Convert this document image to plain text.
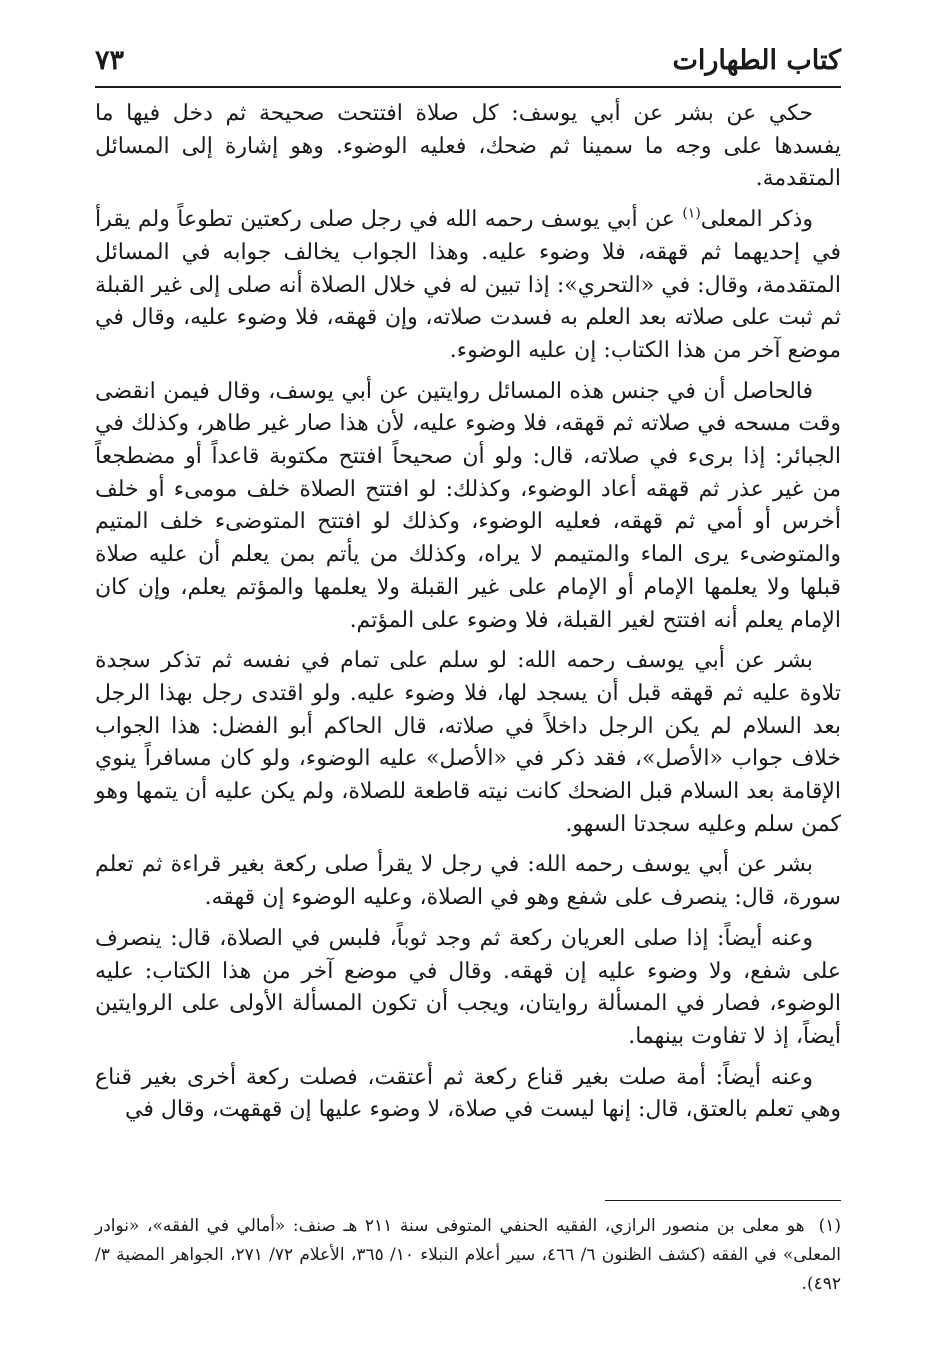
كتاب الطهارات
٧٣

حكي عن بشر عن أبي يوسف: كل صلاة افتتحت صحيحة ثم دخل فيها ما يفسدها على وجه ما سمينا ثم ضحك، فعليه الوضوء. وهو إشارة إلى المسائل المتقدمة.

وذكر المعلى$^{(١)}$ عن أبي يوسف رحمه الله في رجل صلى ركعتين تطوعاً ولم يقرأ في إحديهما ثم قهقه، فلا وضوء عليه. وهذا الجواب يخالف جوابه في المسائل المتقدمة، وقال: في «التحري»: إذا تبين له في خلال الصلاة أنه صلى إلى غير القبلة ثم ثبت على صلاته بعد العلم به فسدت صلاته، وإن قهقه، فلا وضوء عليه، وقال في موضع آخر من هذا الكتاب: إن عليه الوضوء.

فالحاصل أن في جنس هذه المسائل روايتين عن أبي يوسف، وقال فيمن انقضى وقت مسحه في صلاته ثم قهقه، فلا وضوء عليه، لأن هذا صار غير طاهر، وكذلك في الجبائر: إذا برىء في صلاته، قال: ولو أن صحيحاً افتتح مكتوبة قاعداً أو مضطجعاً من غير عذر ثم قهقه أعاد الوضوء، وكذلك: لو افتتح الصلاة خلف مومىء أو خلف أخرس أو أمي ثم قهقه، فعليه الوضوء، وكذلك لو افتتح المتوضىء خلف المتيم والمتوضىء يرى الماء والمتيمم لا يراه، وكذلك من يأتم بمن يعلم أن عليه صلاة قبلها ولا يعلمها الإمام أو الإمام على غير القبلة ولا يعلمها والمؤتم يعلم، وإن كان الإمام يعلم أنه افتتح لغير القبلة، فلا وضوء على المؤتم.

بشر عن أبي يوسف رحمه الله: لو سلم على تمام في نفسه ثم تذكر سجدة تلاوة عليه ثم قهقه قبل أن يسجد لها، فلا وضوء عليه. ولو اقتدى رجل بهذا الرجل بعد السلام لم يكن الرجل داخلاً في صلاته، قال الحاكم أبو الفضل: هذا الجواب خلاف جواب «الأصل»، فقد ذكر في «الأصل» عليه الوضوء، ولو كان مسافراً ينوي الإقامة بعد السلام قبل الضحك كانت نيته قاطعة للصلاة، ولم يكن عليه أن يتمها وهو كمن سلم وعليه سجدتا السهو.

بشر عن أبي يوسف رحمه الله: في رجل لا يقرأ صلى ركعة بغير قراءة ثم تعلم سورة، قال: ينصرف على شفع وهو في الصلاة، وعليه الوضوء إن قهقه.

وعنه أيضاً: إذا صلى العريان ركعة ثم وجد ثوباً، فلبس في الصلاة، قال: ينصرف على شفع، ولا وضوء عليه إن قهقه. وقال في موضع آخر من هذا الكتاب: عليه الوضوء، فصار في المسألة روايتان، ويجب أن تكون المسألة الأولى على الروايتين أيضاً، إذ لا تفاوت بينهما.

وعنه أيضاً: أمة صلت بغير قناع ركعة ثم أعتقت، فصلت ركعة أخرى بغير قناع وهي تعلم بالعتق، قال: إنها ليست في صلاة، لا وضوء عليها إن قهقهت، وقال في

(١)هو معلى بن منصور الرازي، الفقيه الحنفي المتوفى سنة ٢١١ هـ صنف: «أمالي في الفقه»، «نوادر المعلى» في الفقه (كشف الظنون ٦/ ٤٦٦، سير أعلام النبلاء ١٠/ ٣٦٥، الأعلام ٧٢/ ٢٧١، الجواهر المضية ٣/ ٤٩٢).
